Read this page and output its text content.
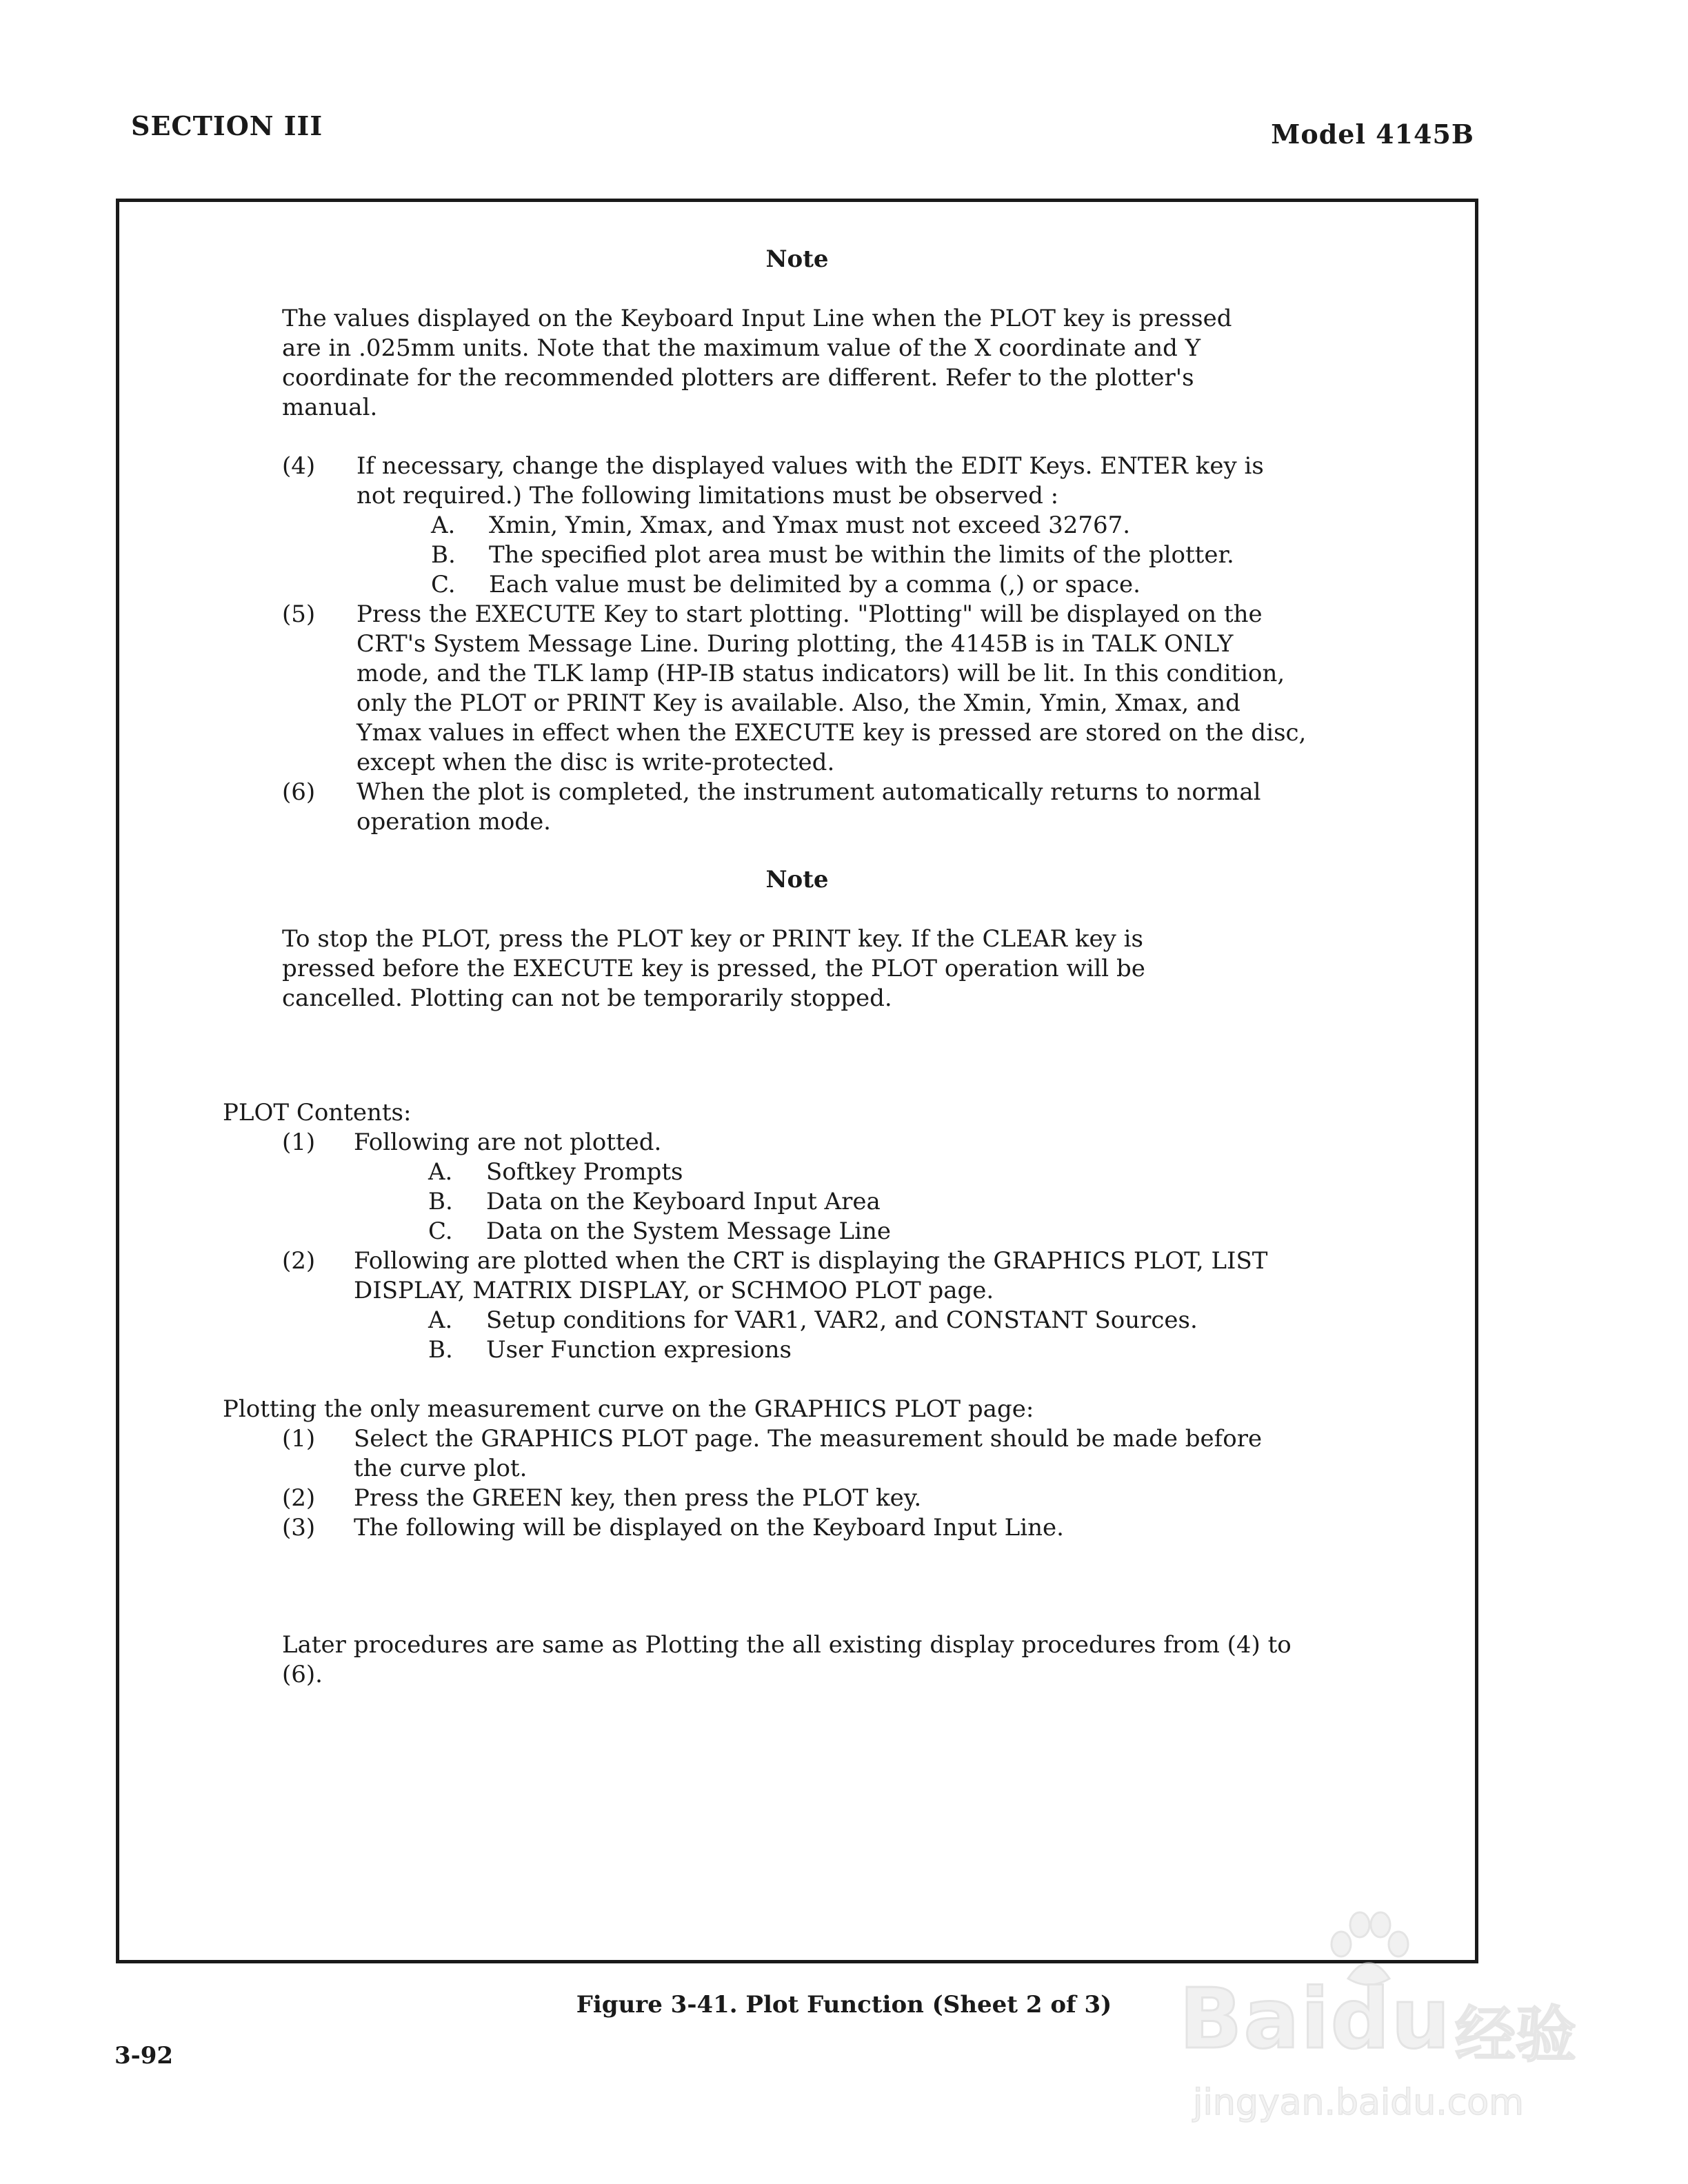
SECTION III	Model 4145B
Note
The values displayed on the Keyboard Input Line when the PLOT key is pressed
are in .025mm units. Note that the maximum value of the X coordinate and Y
coordinate for the recommended plotters are different. Refer to the plotter's
manual.
(4) If necessary, change the displayed values with the EDIT Keys. ENTER key is
not required.) The following limitations must be observed :
A. Xmin, Ymin, Xmax, and Ymax must not exceed 32767.
B. The specified plot area must be within the limits of the plotter.
C. Each value must be delimited by a comma (,) or space.
(5) Press the EXECUTE Key to start plotting. "Plotting" will be displayed on the
CRT's System Message Line. During plotting, the 4145B is in TALK ONLY
mode, and the TLK lamp (HP-IB status indicators) will be lit. In this condition,
only the PLOT or PRINT Key is available. Also, the Xmin, Ymin, Xmax, and
Ymax values in effect when the EXECUTE key is pressed are stored on the disc,
except when the disc is write-protected.
(6) When the plot is completed, the instrument automatically returns to normal
operation mode.
Note
To stop the PLOT, press the PLOT key or PRINT key. If the CLEAR key is
pressed before the EXECUTE key is pressed, the PLOT operation will be
cancelled. Plotting can not be temporarily stopped.
PLOT Contents:
(1) Following are not plotted.
A. Softkey Prompts
B. Data on the Keyboard Input Area
C. Data on the System Message Line
(2) Following are plotted when the CRT is displaying the GRAPHICS PLOT, LIST
DISPLAY, MATRIX DISPLAY, or SCHMOO PLOT page.
A. Setup conditions for VAR1, VAR2, and CONSTANT Sources.
B. User Function expresions
Plotting the only measurement curve on the GRAPHICS PLOT page:
(1) Select the GRAPHICS PLOT page. The measurement should be made before
the curve plot.
(2) Press the GREEN key, then press the PLOT key.
(3) The following will be displayed on the Keyboard Input Line.
Later procedures are same as Plotting the all existing display procedures from (4) to
(6).
Figure 3-41. Plot Function (Sheet 2 of 3)
3-92	Baidu 经验
jingyan.baidu.com
